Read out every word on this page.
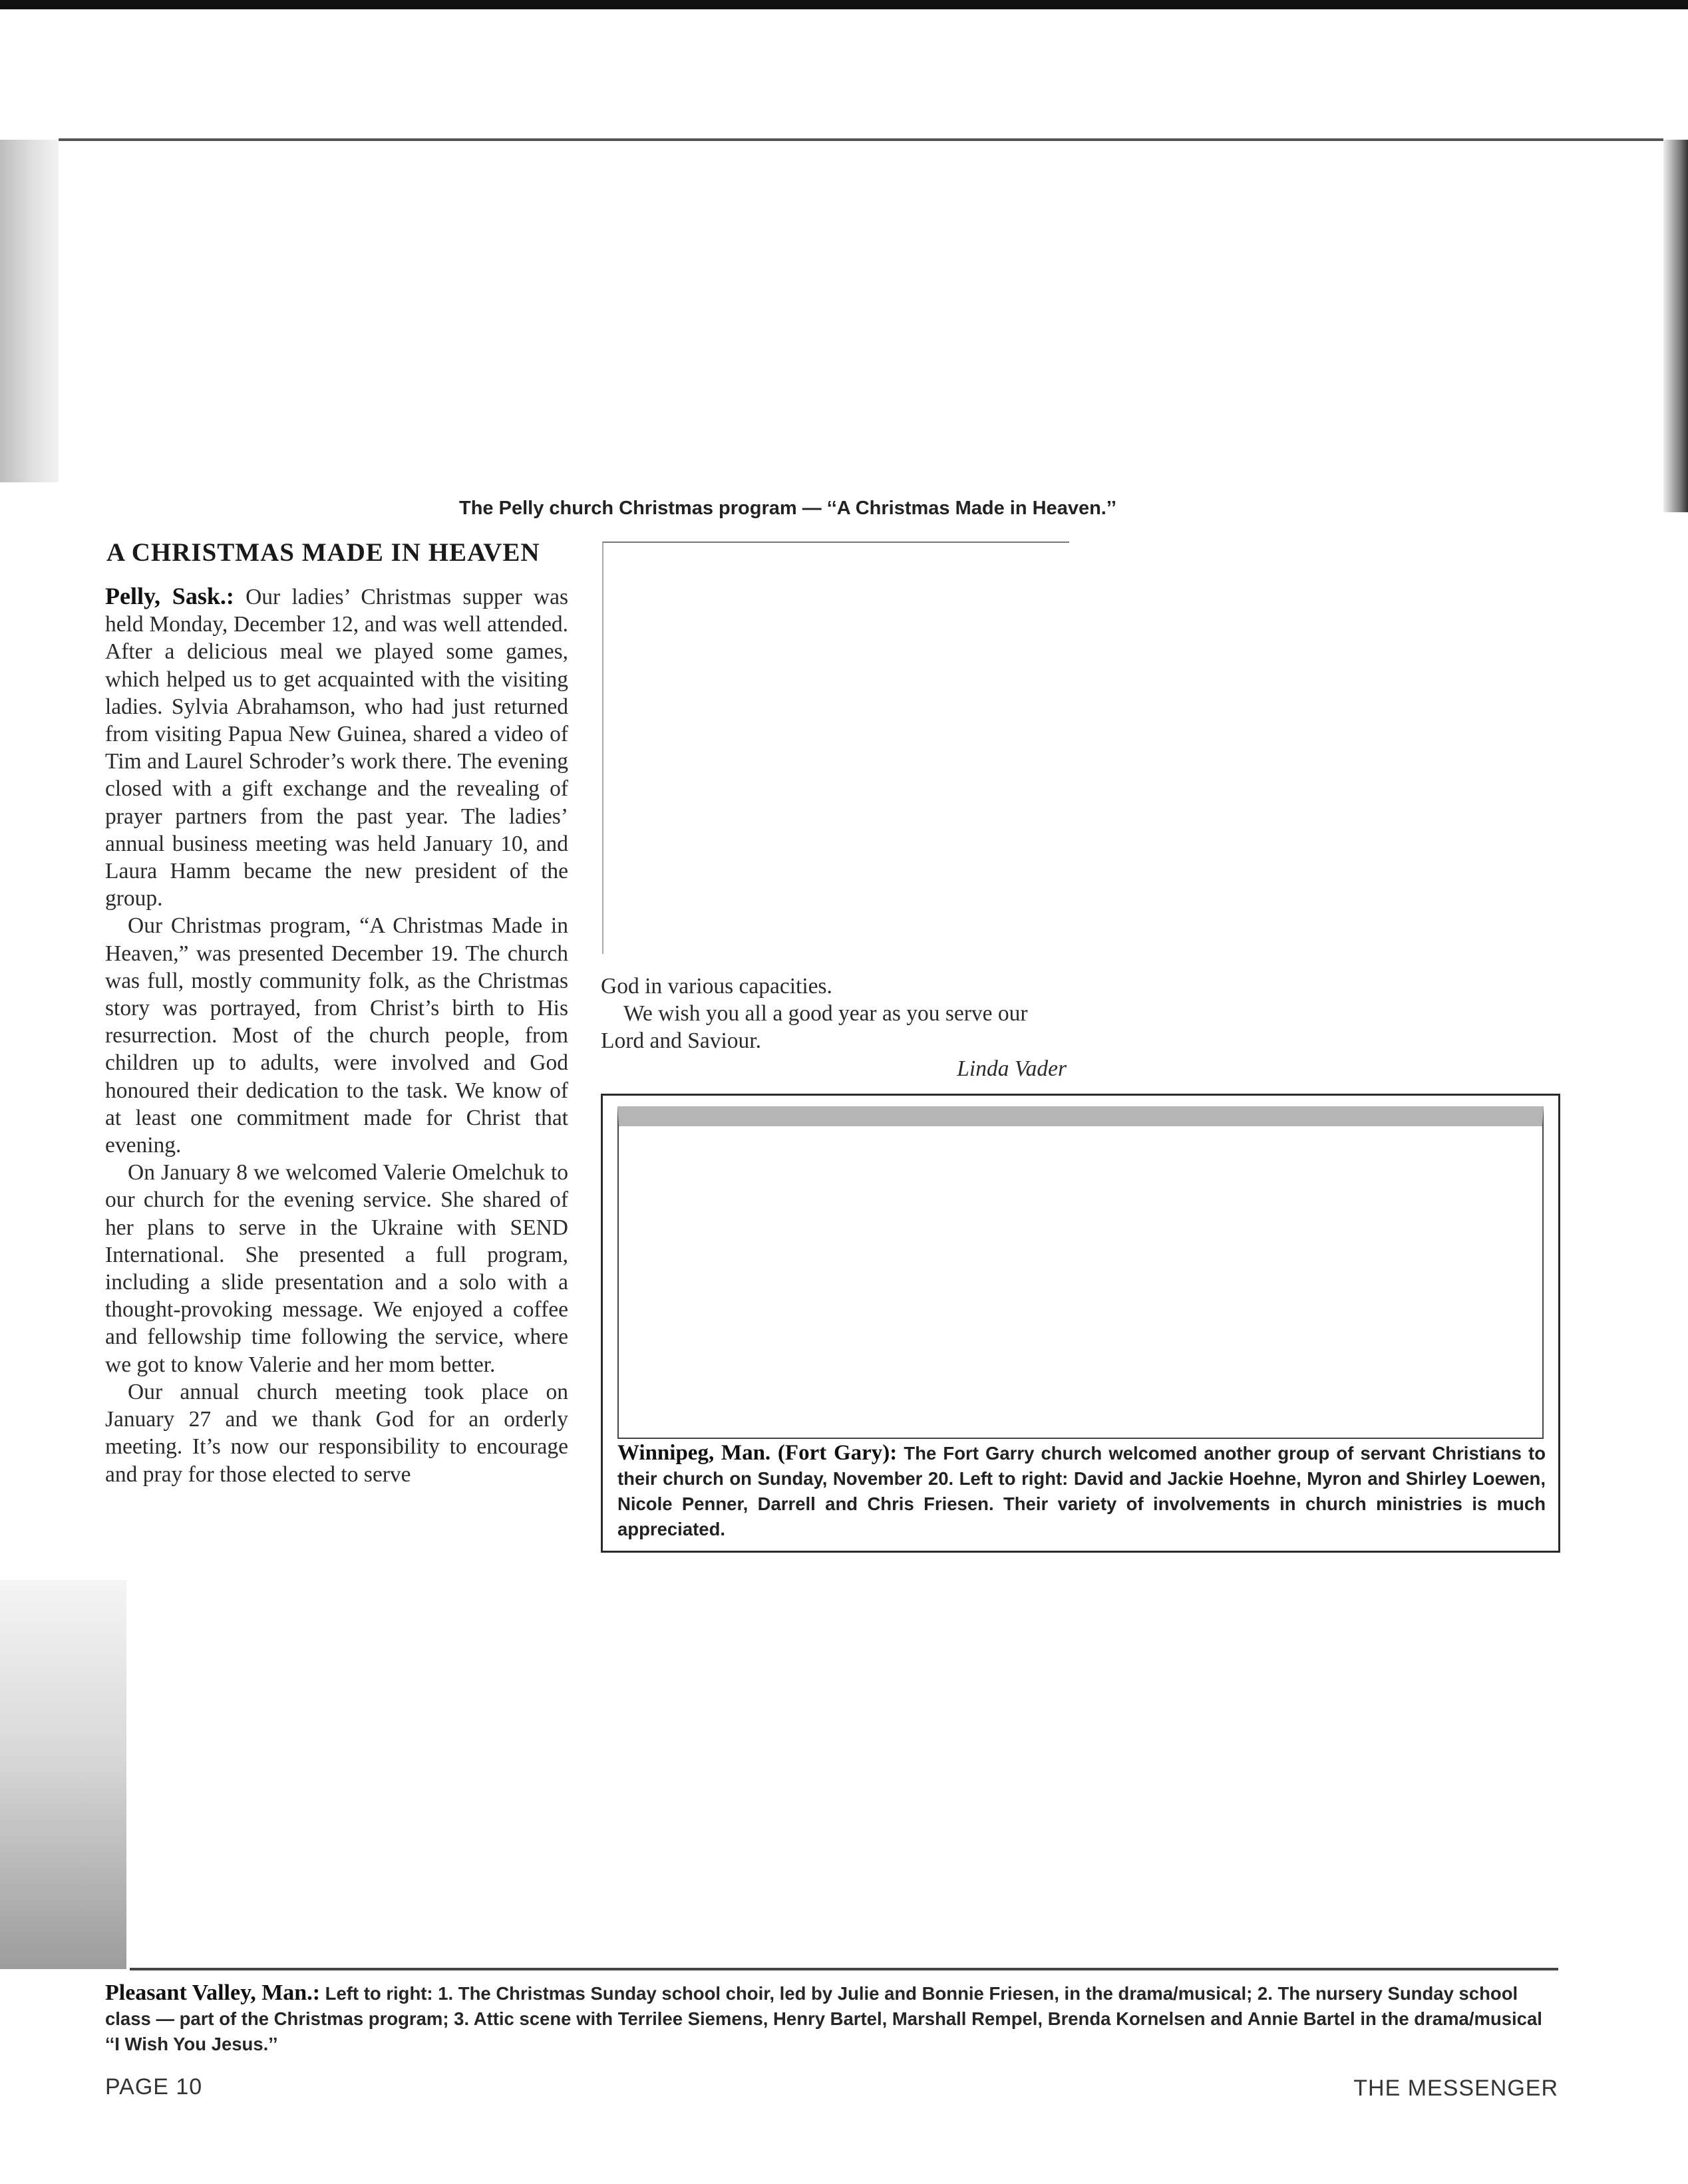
The Pelly church Christmas program — ‘‘A Christmas Made in Heaven.’’
A CHRISTMAS MADE IN HEAVEN

Pelly, Sask.: Our ladies’ Christmas supper was held Monday, December 12, and was well attended. After a delicious meal we played some games, which helped us to get acquainted with the visiting ladies. Sylvia Abrahamson, who had just returned from visiting Papua New Guinea, shared a video of Tim and Laurel Schroder’s work there. The evening closed with a gift exchange and the revealing of prayer partners from the past year. The ladies’ annual business meeting was held January 10, and Laura Hamm became the new president of the group.

Our Christmas program, “A Christmas Made in Heaven,” was presented December 19. The church was full, mostly community folk, as the Christmas story was portrayed, from Christ’s birth to His resurrection. Most of the church people, from children up to adults, were involved and God honoured their dedication to the task. We know of at least one commitment made for Christ that evening.

On January 8 we welcomed Valerie Omelchuk to our church for the evening service. She shared of her plans to serve in the Ukraine with SEND International. She presented a full program, including a slide presentation and a solo with a thought-provoking message. We enjoyed a coffee and fellowship time following the service, where we got to know Valerie and her mom better.

Our annual church meeting took place on January 27 and we thank God for an orderly meeting. It’s now our responsibility to encourage and pray for those elected to serve

God in various capacities.

We wish you all a good year as you serve our Lord and Saviour.

Linda Vader

Winnipeg, Man. (Fort Gary): The Fort Garry church welcomed another group of servant Christians to their church on Sunday, November 20. Left to right: David and Jackie Hoehne, Myron and Shirley Loewen, Nicole Penner, Darrell and Chris Friesen. Their variety of involvements in church ministries is much appreciated.
Pleasant Valley, Man.: Left to right: 1. The Christmas Sunday school choir, led by Julie and Bonnie Friesen, in the drama/musical; 2. The nursery Sunday school class — part of the Christmas program; 3. Attic scene with Terrilee Siemens, Henry Bartel, Marshall Rempel, Brenda Kornelsen and Annie Bartel in the drama/musical ‘‘I Wish You Jesus.’’
PAGE 10	THE MESSENGER
